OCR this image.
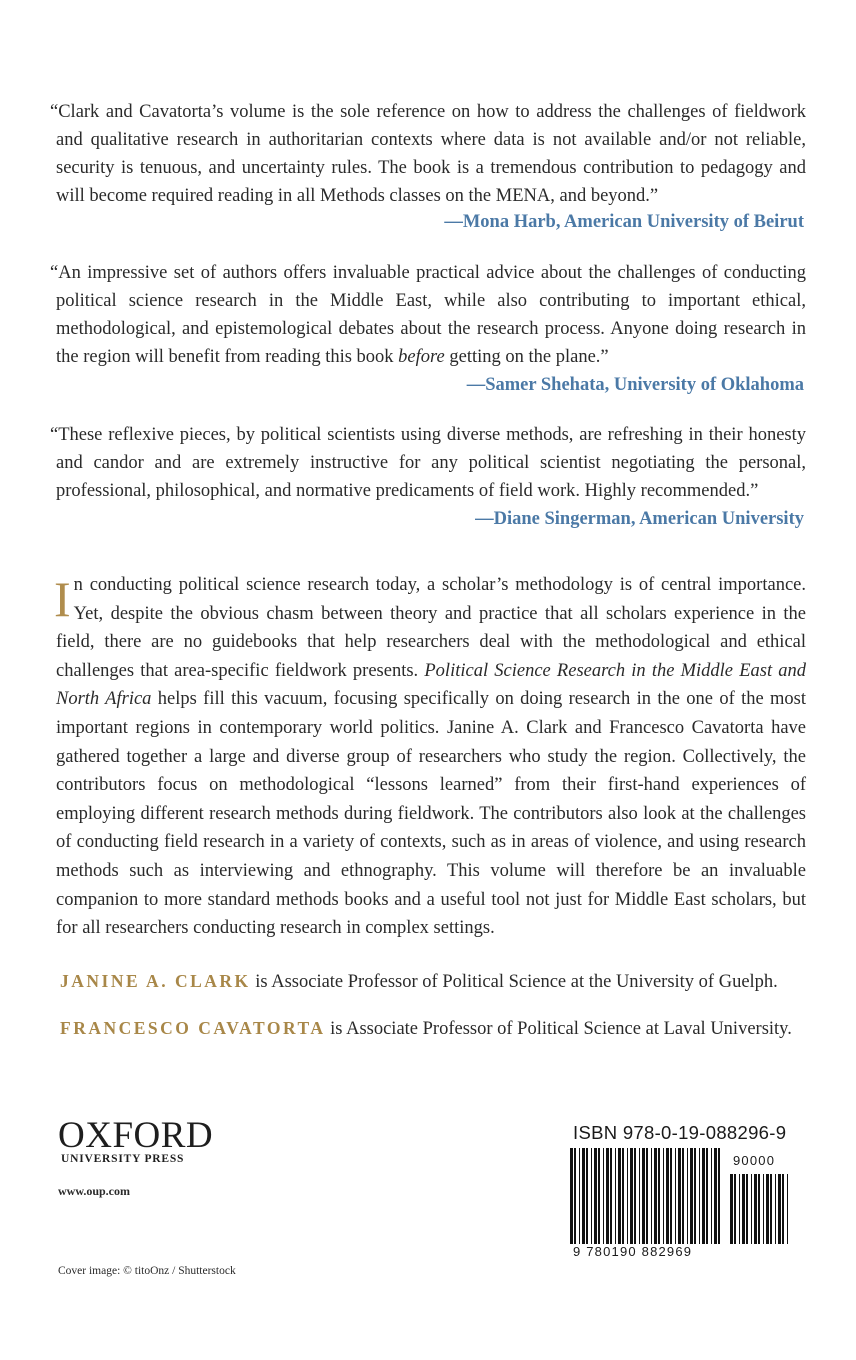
“Clark and Cavatorta’s volume is the sole reference on how to address the challenges of fieldwork and qualitative research in authoritarian contexts where data is not available and/or not reliable, security is tenuous, and uncertainty rules. The book is a tremendous contribution to pedagogy and will become required reading in all Methods classes on the MENA, and beyond.”

—Mona Harb, American University of Beirut

“An impressive set of authors offers invaluable practical advice about the challenges of conducting political science research in the Middle East, while also contributing to important ethical, methodological, and epistemological debates about the research process. Anyone doing research in the region will benefit from reading this book before getting on the plane.”

—Samer Shehata, University of Oklahoma

“These reflexive pieces, by political scientists using diverse methods, are refreshing in their honesty and candor and are extremely instructive for any political scientist negotiating the personal, professional, philosophical, and normative predicaments of field work. Highly recommended.”

—Diane Singerman, American University
In conducting political science research today, a scholar’s methodology is of central importance. Yet, despite the obvious chasm between theory and practice that all scholars experience in the field, there are no guidebooks that help researchers deal with the methodological and ethical challenges that area-specific fieldwork presents. Political Science Research in the Middle East and North Africa helps fill this vacuum, focusing specifically on doing research in the one of the most important regions in contemporary world politics. Janine A. Clark and Francesco Cavatorta have gathered together a large and diverse group of researchers who study the region. Collectively, the contributors focus on methodological “lessons learned” from their first-hand experiences of employing different research methods during fieldwork. The contributors also look at the challenges of conducting field research in a variety of contexts, such as in areas of violence, and using research methods such as interviewing and ethnography. This volume will therefore be an invaluable companion to more standard methods books and a useful tool not just for Middle East scholars, but for all researchers conducting research in complex settings.
JANINE A. CLARK is Associate Professor of Political Science at the University of Guelph.
FRANCESCO CAVATORTA is Associate Professor of Political Science at Laval University.
OXFORD
UNIVERSITY PRESS
www.oup.com
Cover image: © titoOnz / Shutterstock
ISBN 978-0-19-088296-9
90000
9 780190 882969
